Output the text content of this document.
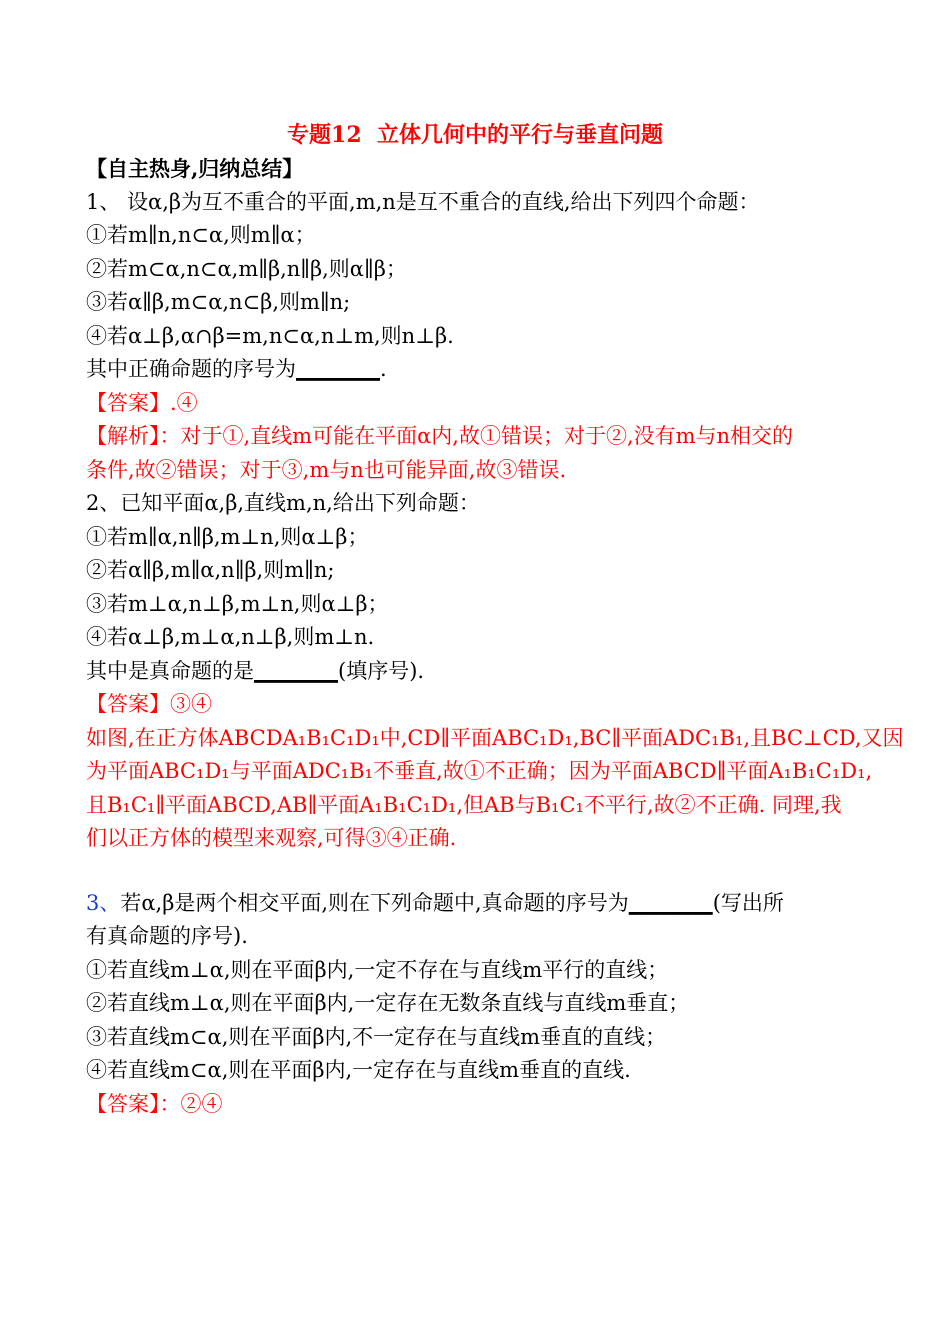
专题12  立体几何中的平行与垂直问题
【自主热身,归纳总结】
1、 设α,β为互不重合的平面,m,n是互不重合的直线,给出下列四个命题：
①若m∥n,n⊂α,则m∥α；
②若m⊂α,n⊂α,m∥β,n∥β,则α∥β；
③若α∥β,m⊂α,n⊂β,则m∥n;
④若α⊥β,α∩β=m,n⊂α,n⊥m,则n⊥β.
其中正确命题的序号为________.
【答案】.④
【解析】：对于①,直线m可能在平面α内,故①错误；对于②,没有m与n相交的
条件,故②错误；对于③,m与n也可能异面,故③错误.
2、已知平面α,β,直线m,n,给出下列命题：
①若m∥α,n∥β,m⊥n,则α⊥β；
②若α∥β,m∥α,n∥β,则m∥n;
③若m⊥α,n⊥β,m⊥n,则α⊥β；
④若α⊥β,m⊥α,n⊥β,则m⊥n.
其中是真命题的是________(填序号).
【答案】③④
如图,在正方体ABCDA₁B₁C₁D₁中,CD∥平面ABC₁D₁,BC∥平面ADC₁B₁,且BC⊥CD,又因
为平面ABC₁D₁与平面ADC₁B₁不垂直,故①不正确；因为平面ABCD∥平面A₁B₁C₁D₁,
且B₁C₁∥平面ABCD,AB∥平面A₁B₁C₁D₁,但AB与B₁C₁不平行,故②不正确. 同理,我
们以正方体的模型来观察,可得③④正确.
3、若α,β是两个相交平面,则在下列命题中,真命题的序号为________(写出所
有真命题的序号).
①若直线m⊥α,则在平面β内,一定不存在与直线m平行的直线；
②若直线m⊥α,则在平面β内,一定存在无数条直线与直线m垂直；
③若直线m⊂α,则在平面β内,不一定存在与直线m垂直的直线；
④若直线m⊂α,则在平面β内,一定存在与直线m垂直的直线.
【答案】：②④
